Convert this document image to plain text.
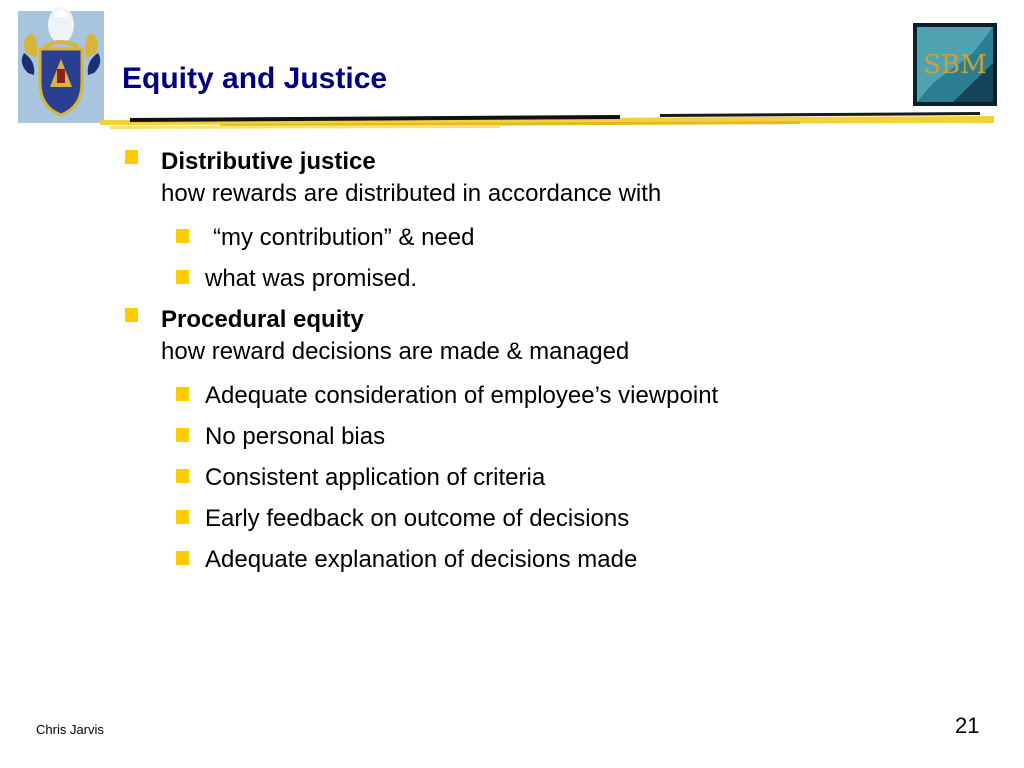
SBM
Equity and Justice
Distributive justice
how rewards are distributed in accordance with
“my contribution” & need
what was promised.
Procedural equity
how reward decisions are made & managed
Adequate consideration of employee’s viewpoint
No personal bias
Consistent application of criteria
Early feedback on outcome of decisions
Adequate explanation of decisions made
Chris Jarvis	21
